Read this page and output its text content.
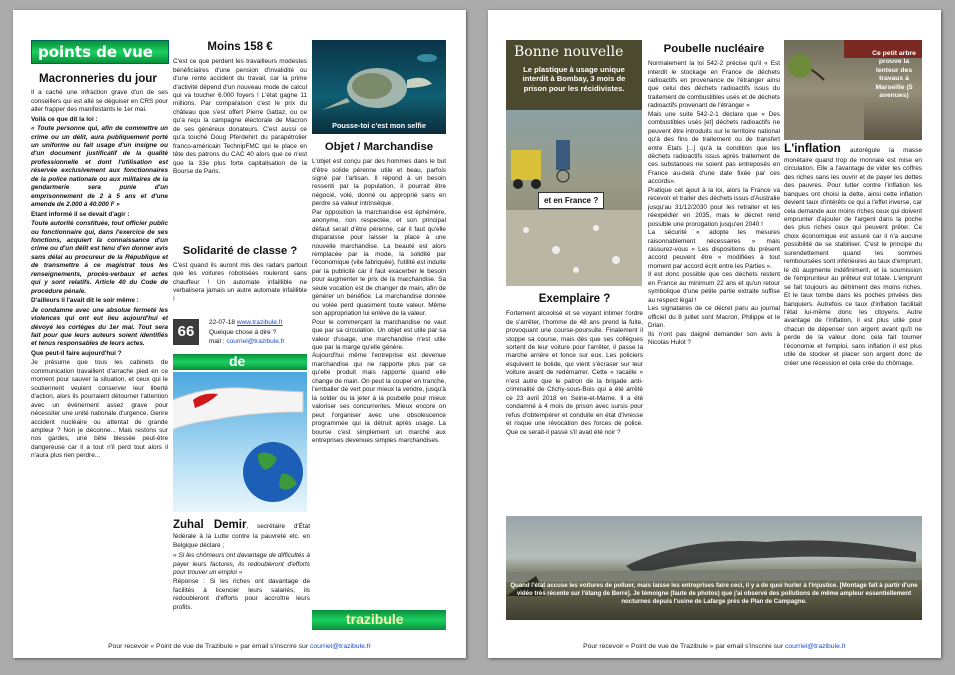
points de vue
Macronneries du jour

Il a caché une infraction grave d'un de ses conseillers qui est allé se déguiser en CRS pour aller frapper des manifestants le 1er mai.

Voilà ce que dit la loi :

« Toute personne qui, afin de commettre un crime ou un délit, aura publiquement porté un uniforme ou fait usage d'un insigne ou d'un document justificatif de la qualité professionnelle et dont l'utilisation est réservée exclusivement aux fonctionnaires de la police nationale ou aux militaires de la gendarmerie sera punie d'un emprisonnement de 2 à 5 ans et d'une amende de 2.000 à 40.000 F »

Etant informé il se devait d'agir :

Toute autorité constituée, tout officier public ou fonctionnaire qui, dans l'exercice de ses fonctions, acquiert la connaissance d'un crime ou d'un délit est tenu d'en donner avis sans délai au procureur de la République et de transmettre à ce magistrat tous les renseignements, procès-verbaux et actes qui y sont relatifs. Article 40 du Code de procédure pénale.

D'ailleurs il l'avait dit le soir même :

Je condamne avec une absolue fermeté les violences qui ont eut lieu aujourd'hui et dévoyé les cortèges du 1er mai. Tout sera fait pour que leurs auteurs soient identifiés et tenus responsables de leurs actes.

Que peut-il faire aujourd'hui ?

Je présume que tous les cabinets de communication travaillent d'arrache pied en ce moment pour sauver la situation, et ceux qui le soutiennent veulent conserver leur liberté d'action, alors ils pourraient détourner l'attention avec un événement assez grave pour nécessiter une unité nationale d'urgence. Genre accident nucléaire ou attentat de grande ampleur ? Non je déconne... Mais restons sur nos gardes, une bête blessée peut-être dangereuse car il a tout n'il perd tout alors il n'aura plus rien perdre...

Moins 158 €

C'est ce que perdent les travailleurs modestes bénéficiaires d'une pension d'invalidité ou d'une rente accident du travail, car la prime d'activité dépend d'un nouveau mode de calcul qui va toucher 6.000 foyers ! L'état gagne 11 millions. Par comparaison c'est le prix du château que s'est offert Pierre Gattaz, ou ce qu'a reçu la campagne électorale de Macron de ses généreux donateurs. C'est aussi ce qu'a touché Doug Pferdehirt du parapétrolier franco-américain TechnipFMC qui le place en tête des patrons du CAC 40 alors que ce n'est que la 33e plus forte capitalisation de la Bourse de Paris.

Solidarité de classe ?

C'est quand ils auront mis des radars partout que les voitures robotisées rouleront sans chauffeur ! Un automate infaillible ne verbalisera jamais un autre automate infaillible !

66
22-07-18 www.trazibule.fr
Quelque chose à dire ?
mail : courriel@trazibule.fr
de

Zuhal Demir, secrétaire d'État fédérale à la Lutte contre la pauvreté etc. en Belgique déclare ;

« Si les chômeurs ont davantage de difficultés à payer leurs factures, ils redoubleront d'efforts pour trouver un emploi »

Réponse : Si les riches ont davantage de facilités à licencier leurs salariés, ils redoubleront d'efforts pour accroître leurs profits.

Pousse-toi c'est mon selfie
Objet / Marchandise

L'objet est conçu par des hommes dans le but d'être solide pérenne utile et beau, parfois signé par l'artisan. Il répond à un besoin ressenti par la population, il pourrait être négocié, volé, donné ou approprié sans en perdre sa valeur intrinsèque.
Par opposition la marchandise est éphémère, anonyme, non respectée, et son principal défaut serait d'être pérenne, car il faut qu'elle disparaisse pour laisser la place à une nouvelle marchandise. La beauté est alors remplacée par la mode, la solidité par l'économique (vite fabriquée), l'utilité est induite par la publicité car il faut exacerber le besoin pour augmenter le prix de la marchandise. Sa seule vocation est de changer de main, afin de générer un bénéfice. La marchandise donnée ou volée perd quasiment toute valeur. Même son appropriation lui enlève de la valeur.
Pour le commerçant la marchandise ne vaut que par sa circulation. Un objet est utile par sa valeur d'usage, une marchandise n'est utile que par la marge qu'elle génère.
Aujourd'hui même l'entreprise est devenue marchandise qui ne rapporte plus par ce qu'elle produit mais rapporte quand elle change de main. On peut la couper en tranche, l'emballer de vert pour mieux la vendre, jusqu'à la solder ou la jeter à la poubelle pour mieux valoriser ses concurrentes. Mieux encore on peut l'organiser avec une obsolescence programmée qui la détruit après usage. La bourse c'est simplement un marché aux entreprises devenues simples marchandises.

trazibule
Pour recevoir « Point de vue de Trazibule » par email s'inscrire sur courriel@trazibule.fr
Bonne nouvelle
Le plastique à usage unique interdit à Bombay, 3 mois de prison pour les récidivistes.
et en France ?
Exemplaire ?

Fortement alcoolisé et se voyant intimer l'ordre de s'arrêter, l'homme de 48 ans prend la fuite, provoquant une course-poursuite. Finalement il stoppe sa course, mais dès que ses collègues sortent de leur voiture pour l'arrêter, il passe la marche arrière et fonce sur eux. Les policiers esquivent le bolide, qui vient s'écraser sur leur voiture avant de redémarrer. Cette « racaille » n'est autre que le patron de la brigade anti-criminalité de Clichy-sous-Bois qui a été arrêté ce 23 avril 2018 en Seine-et-Marne. Il a été condamné à 4 mois de prison avec sursis pour refus d'obtempérer et conduite en état d'ivresse et risque une révocation des forces de police. Que ce serait-il passé s'il avait été noir ?

Poubelle nucléaire

Normalement la loi 542-2 précise qu'il « Est interdit le stockage en France de déchets radioactifs en provenance de l'étranger ainsi que celui des déchets radioactifs issus du traitement de combustibles usés et de déchets radioactifs provenant de l'étranger »
Mais une suite 542-2-1 déclare que « Des combustibles usés [et] déchets radioactifs ne peuvent être introduits sur le territoire national qu'à des fins de traitement ou de transfert entre Etats [...] qu'à la condition que les déchets radioactifs issus après traitement de ces substances ne soient pas entreposés en France au-delà d'une date fixée par ces accords».
Pratique cet ajout à la loi, alors la France va recevoir et traiter des déchets issus d'Australie jusqu'au 31/12/2030 pour les retraiter et les réexpédier en 2035, mais le décret rend possible une prorogation jusqu'en 2040 !
La sécurité « adopte les mesures raisonnablement nécessaires » mais rassurez-vous « Les dispositions du présent accord peuvent être « modifiées à tout moment par accord écrit entre les Parties ».
Il est donc possible que ces déchets restent en France au minimum 22 ans et qu'un retour symbolique d'une petite partie extraite suffise au respect légal !
Les signataires de ce décret paru au journal officiel du 8 juillet sont Macron, Philippe et le Drian.
Ils n'ont pas daigné demander son avis à Nicolas Hulot ?

Ce petit arbre prouve la lenteur des travaux à Marseille (5 avenues)

L'inflation autorégule la masse monétaire quand trop de monnaie est mise en circulation. Elle a l'avantage de vider les coffres des riches sans les ouvrir et de payer les dettes des pauvres. Pour lutter contre l'inflation les banques ont choisi la dette, ainsi cette inflation devient taux d'intérêts ce qui a l'effet inverse, car cela demande aux moins riches ceux qui doivent emprunter d'ajouter de l'argent dans la poche des plus riches ceux qui peuvent prêter. Ce choix économique est assuré car il n'a aucune possibilité de se stabiliser. C'est le principe du surendettement quand les sommes remboursées sont inférieures au taux d'emprunt, le dû augmente indéfiniment, et la soumission de l'emprunteur au prêteur est totale. L'emprunt se fait toujours au détriment des moins riches. Et le taux tombe dans les poches privées des banquiers. Autrefois ce taux d'inflation facilitait l'état lui-même donc les citoyens. Autre avantage de l'inflation, il est plus utile pour chacun de dépenser son argent avant qu'il ne perde de la valeur donc cela fait tourner l'économie et l'emploi, sans inflation il est plus utile de stocker et placer son argent donc de créer une récession et cela crée du chômage.

Quand l'état accuse les voitures de polluer, mais laisse les entreprises faire ceci, il y a de quoi hurler à l'injustice. [Montage fait à partir d'une vidéo très récente sur l'étang de Berre]. Je témoigne (faute de photos) que j'ai observé des pollutions de même ampleur essentiellement nocturnes depuis l'usine de Lafarge près de Plan de Campagne.
Pour recevoir « Point de vue de Trazibule » par email s'inscrire sur courriel@trazibule.fr
